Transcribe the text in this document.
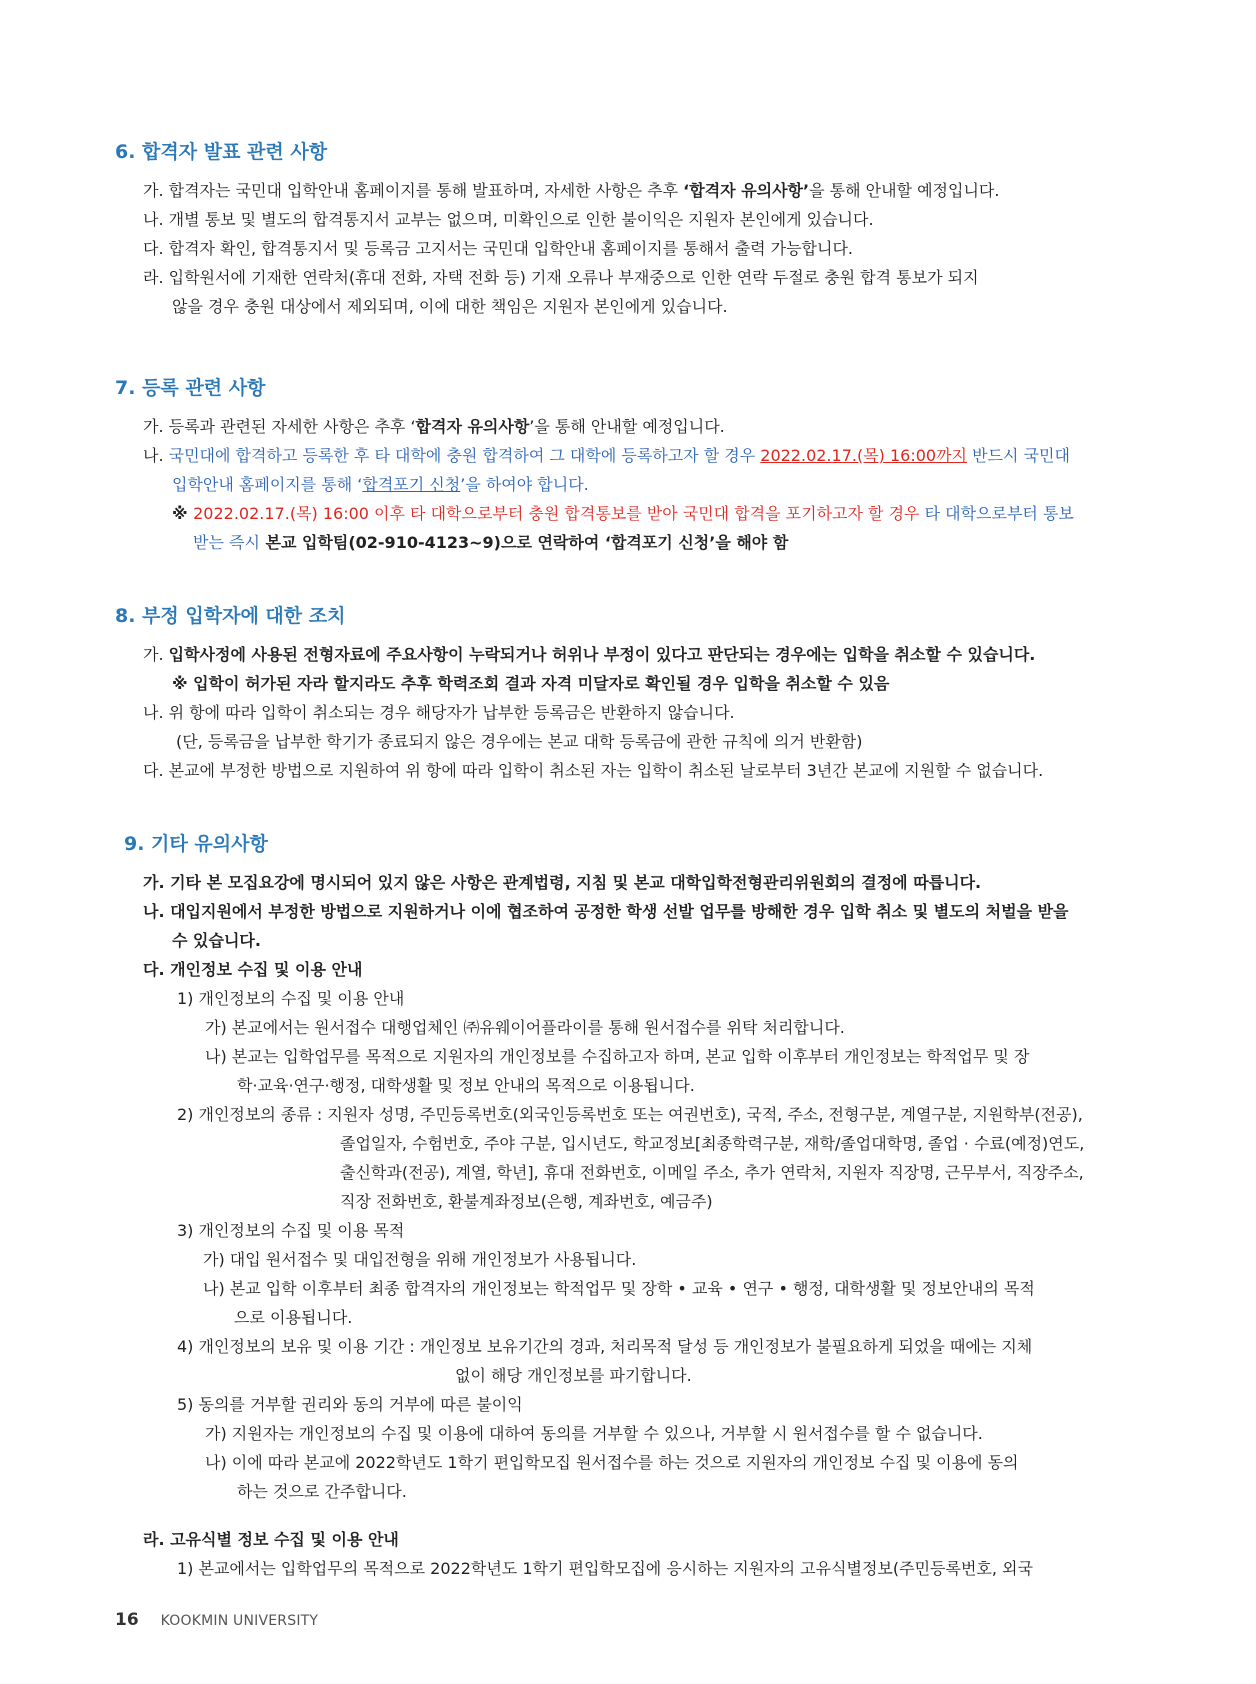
6. 합격자 발표 관련 사항
가. 합격자는 국민대 입학안내 홈페이지를 통해 발표하며, 자세한 사항은 추후 ‘합격자 유의사항’을 통해 안내할 예정입니다.
나. 개별 통보 및 별도의 합격통지서 교부는 없으며, 미확인으로 인한 불이익은 지원자 본인에게 있습니다.
다. 합격자 확인, 합격통지서 및 등록금 고지서는 국민대 입학안내 홈페이지를 통해서 출력 가능합니다.
라. 입학원서에 기재한 연락처(휴대 전화, 자택 전화 등) 기재 오류나 부재중으로 인한 연락 두절로 충원 합격 통보가 되지
않을 경우 충원 대상에서 제외되며, 이에 대한 책임은 지원자 본인에게 있습니다.
7. 등록 관련 사항
가. 등록과 관련된 자세한 사항은 추후 ‘합격자 유의사항’을 통해 안내할 예정입니다.
나. 국민대에 합격하고 등록한 후 타 대학에 충원 합격하여 그 대학에 등록하고자 할 경우 2022.02.17.(목) 16:00까지 반드시 국민대
입학안내 홈페이지를 통해 ‘합격포기 신청’을 하여야 합니다.
※ 2022.02.17.(목) 16:00 이후 타 대학으로부터 충원 합격통보를 받아 국민대 합격을 포기하고자 할 경우 타 대학으로부터 통보
받는 즉시 본교 입학팀(02-910-4123~9)으로 연락하여 ‘합격포기 신청’을 해야 함
8. 부정 입학자에 대한 조치
가. 입학사정에 사용된 전형자료에 주요사항이 누락되거나 허위나 부정이 있다고 판단되는 경우에는 입학을 취소할 수 있습니다.
※ 입학이 허가된 자라 할지라도 추후 학력조회 결과 자격 미달자로 확인될 경우 입학을 취소할 수 있음
나. 위 항에 따라 입학이 취소되는 경우 해당자가 납부한 등록금은 반환하지 않습니다.
(단, 등록금을 납부한 학기가 종료되지 않은 경우에는 본교 대학 등록금에 관한 규칙에 의거 반환함)
다. 본교에 부정한 방법으로 지원하여 위 항에 따라 입학이 취소된 자는 입학이 취소된 날로부터 3년간 본교에 지원할 수 없습니다.
9. 기타 유의사항
가. 기타 본 모집요강에 명시되어 있지 않은 사항은 관계법령, 지침 및 본교 대학입학전형관리위원회의 결정에 따릅니다.
나. 대입지원에서 부정한 방법으로 지원하거나 이에 협조하여 공정한 학생 선발 업무를 방해한 경우 입학 취소 및 별도의 처벌을 받을
수 있습니다.
다. 개인정보 수집 및 이용 안내
1) 개인정보의 수집 및 이용 안내
가) 본교에서는 원서접수 대행업체인 ㈜유웨이어플라이를 통해 원서접수를 위탁 처리합니다.
나) 본교는 입학업무를 목적으로 지원자의 개인정보를 수집하고자 하며, 본교 입학 이후부터 개인정보는 학적업무 및 장
학·교육·연구·행정, 대학생활 및 정보 안내의 목적으로 이용됩니다.
2) 개인정보의 종류 : 지원자 성명, 주민등록번호(외국인등록번호 또는 여권번호), 국적, 주소, 전형구분, 계열구분, 지원학부(전공),
졸업일자, 수험번호, 주야 구분, 입시년도, 학교정보[최종학력구분, 재학/졸업대학명, 졸업 · 수료(예정)연도,
출신학과(전공), 계열, 학년], 휴대 전화번호, 이메일 주소, 추가 연락처, 지원자 직장명, 근무부서, 직장주소,
직장 전화번호, 환불계좌정보(은행, 계좌번호, 예금주)
3) 개인정보의 수집 및 이용 목적
가) 대입 원서접수 및 대입전형을 위해 개인정보가 사용됩니다.
나) 본교 입학 이후부터 최종 합격자의 개인정보는 학적업무 및 장학 • 교육 • 연구 • 행정, 대학생활 및 정보안내의 목적
으로 이용됩니다.
4) 개인정보의 보유 및 이용 기간 : 개인정보 보유기간의 경과, 처리목적 달성 등 개인정보가 불필요하게 되었을 때에는 지체
없이 해당 개인정보를 파기합니다.
5) 동의를 거부할 권리와 동의 거부에 따른 불이익
가) 지원자는 개인정보의 수집 및 이용에 대하여 동의를 거부할 수 있으나, 거부할 시 원서접수를 할 수 없습니다.
나) 이에 따라 본교에 2022학년도 1학기 편입학모집 원서접수를 하는 것으로 지원자의 개인정보 수집 및 이용에 동의
하는 것으로 간주합니다.
라. 고유식별 정보 수집 및 이용 안내
1) 본교에서는 입학업무의 목적으로 2022학년도 1학기 편입학모집에 응시하는 지원자의 고유식별정보(주민등록번호, 외국
16 KOOKMIN UNIVERSITY
